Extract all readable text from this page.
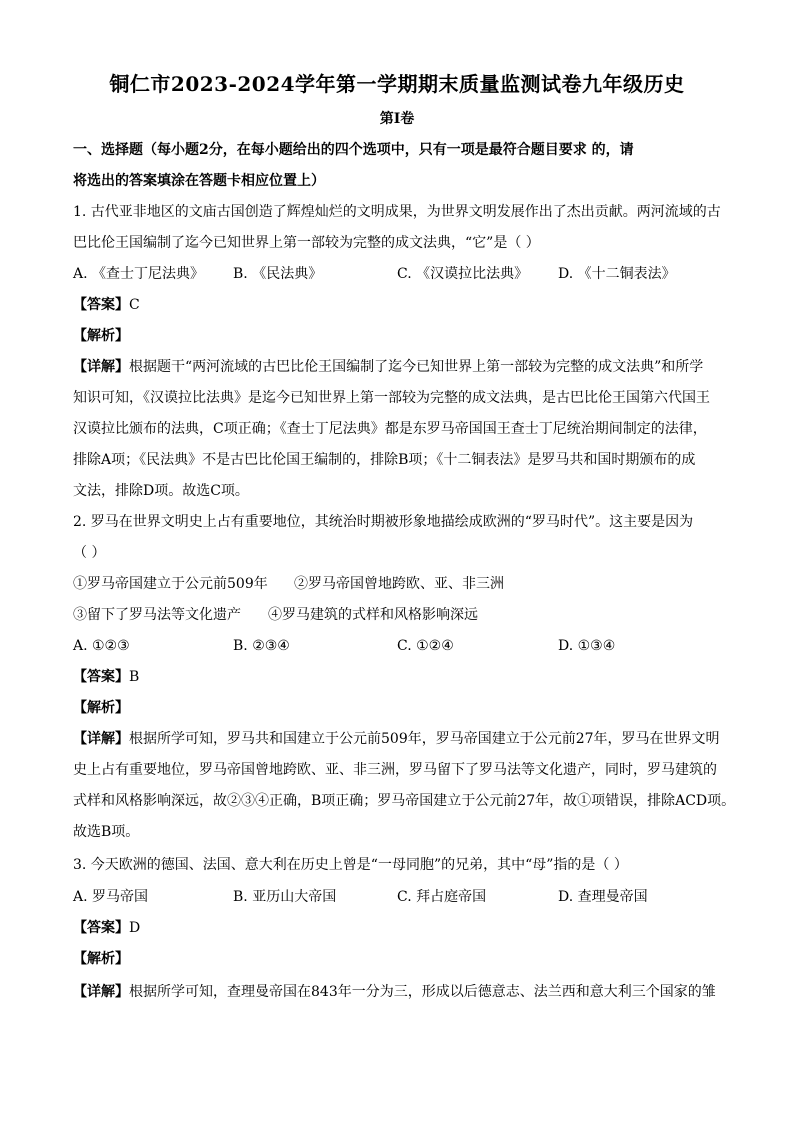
铜仁市2023-2024学年第一学期期末质量监测试卷九年级历史
第Ⅰ卷
一、选择题（每小题2分，在每小题给出的四个选项中，只有一项是最符合题目要求 的，请
将选出的答案填涂在答题卡相应位置上）
1. 古代亚非地区的文庙古国创造了辉煌灿烂的文明成果，为世界文明发展作出了杰出贡献。两河流域的古
巴比伦王国编制了迄今已知世界上第一部较为完整的成文法典，“它”是（ ）
A. 《查士丁尼法典》 B. 《民法典》	C. 《汉谟拉比法典》 D. 《十二铜表法》
【答案】C
【解析】
【详解】根据题干“两河流域的古巴比伦王国编制了迄今已知世界上第一部较为完整的成文法典”和所学
知识可知，《汉谟拉比法典》是迄今已知世界上第一部较为完整的成文法典，是古巴比伦王国第六代国王
汉谟拉比颁布的法典，C项正确；《查士丁尼法典》都是东罗马帝国国王查士丁尼统治期间制定的法律，
排除A项；《民法典》不是古巴比伦国王编制的，排除B项；《十二铜表法》是罗马共和国时期颁布的成
文法，排除D项。故选C项。
2. 罗马在世界文明史上占有重要地位，其统治时期被形象地描绘成欧洲的“罗马时代”。这主要是因为
（ ）
①罗马帝国建立于公元前509年 ②罗马帝国曾地跨欧、亚、非三洲
③留下了罗马法等文化遗产 ④罗马建筑的式样和风格影响深远
A. ①②③	B. ②③④	C. ①②④	D. ①③④
【答案】B
【解析】
【详解】根据所学可知，罗马共和国建立于公元前509年，罗马帝国建立于公元前27年，罗马在世界文明
史上占有重要地位，罗马帝国曾地跨欧、亚、非三洲，罗马留下了罗马法等文化遗产，同时，罗马建筑的
式样和风格影响深远，故②③④正确，B项正确；罗马帝国建立于公元前27年，故①项错误，排除ACD项。
故选B项。
3. 今天欧洲的德国、法国、意大利在历史上曾是“一母同胞”的兄弟，其中“母”指的是（ ）
A. 罗马帝国	B. 亚历山大帝国	C. 拜占庭帝国	D. 查理曼帝国
【答案】D
【解析】
【详解】根据所学可知，查理曼帝国在843年一分为三，形成以后德意志、法兰西和意大利三个国家的雏
